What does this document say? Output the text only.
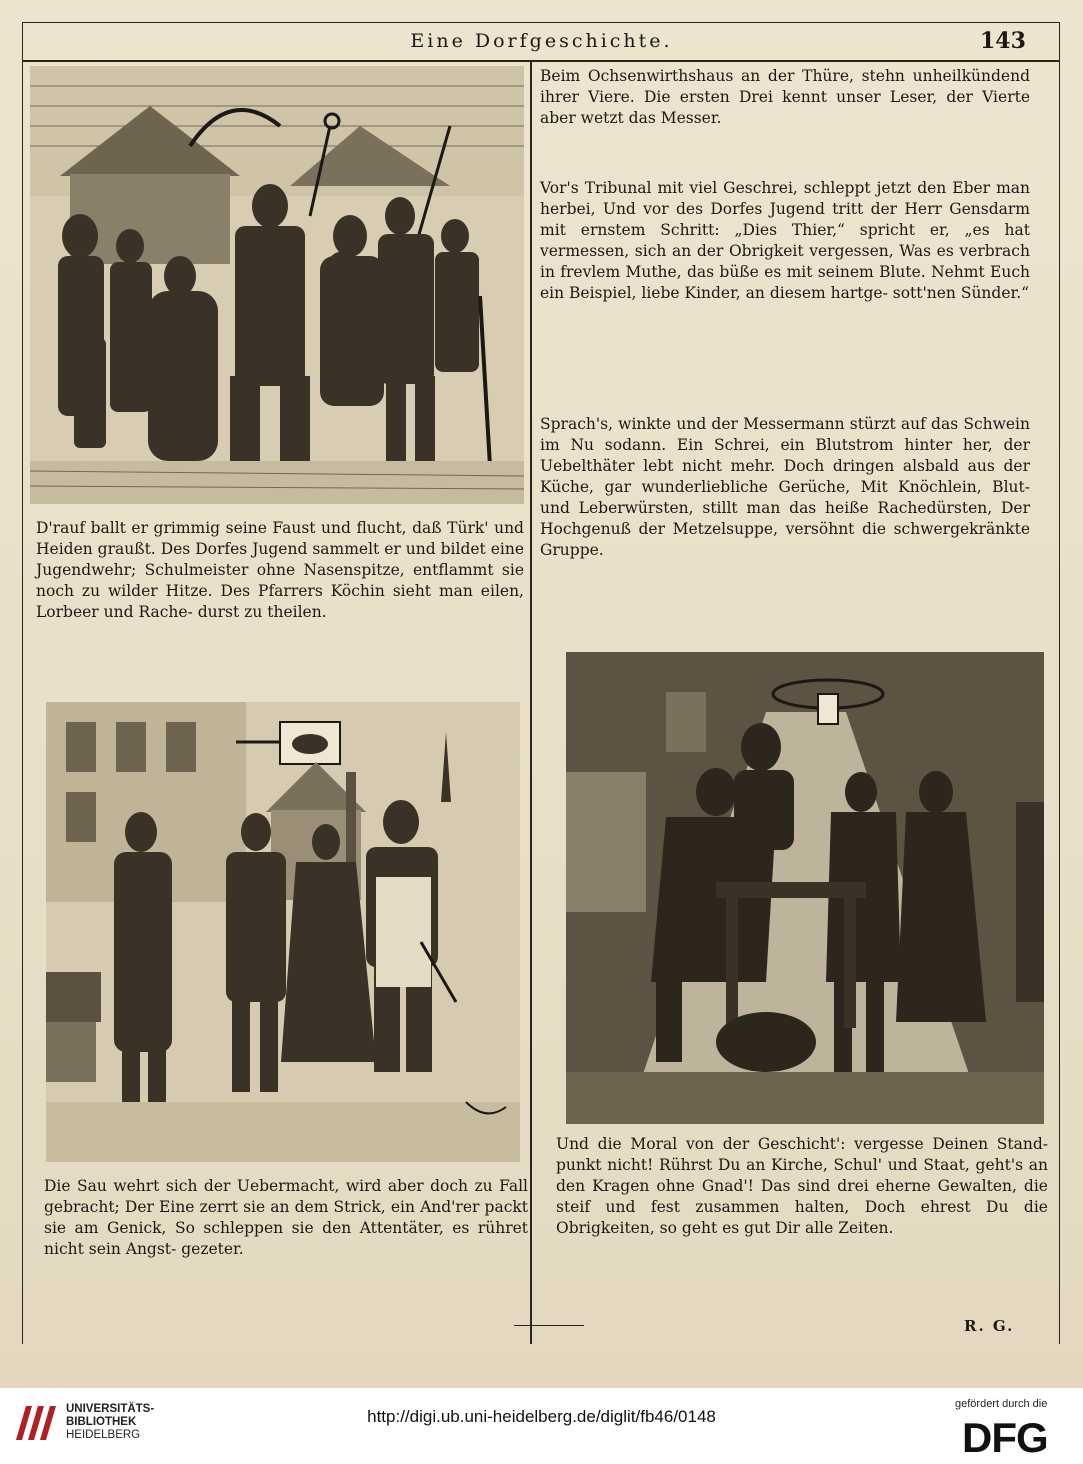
Eine Dorfgeschichte.	143
D'rauf ballt er grimmig seine Faust und flucht, daß Türk' und Heiden graußt. Des Dorfes Jugend sammelt er und bildet eine Jugendwehr; Schulmeister ohne Nasenspitze, entflammt sie noch zu wilder Hitze. Des Pfarrers Köchin sieht man eilen, Lorbeer und Rache- durst zu theilen.
Die Sau wehrt sich der Uebermacht, wird aber doch zu Fall gebracht; Der Eine zerrt sie an dem Strick, ein And'rer packt sie am Genick, So schleppen sie den Attentäter, es rühret nicht sein Angst- gezeter.
Beim Ochsenwirthshaus an der Thüre, stehn unheilkündend ihrer Viere. Die ersten Drei kennt unser Leser, der Vierte aber wetzt das Messer.
Vor's Tribunal mit viel Geschrei, schleppt jetzt den Eber man herbei, Und vor des Dorfes Jugend tritt der Herr Gensdarm mit ernstem Schritt: „Dies Thier,“ spricht er, „es hat vermessen, sich an der Obrigkeit vergessen, Was es verbrach in frevlem Muthe, das büße es mit seinem Blute. Nehmt Euch ein Beispiel, liebe Kinder, an diesem hartge- sott'nen Sünder.“
Sprach's, winkte und der Messermann stürzt auf das Schwein im Nu sodann. Ein Schrei, ein Blutstrom hinter her, der Uebelthäter lebt nicht mehr. Doch dringen alsbald aus der Küche, gar wunderliebliche Gerüche, Mit Knöchlein, Blut- und Leberwürsten, stillt man das heiße Rachedürsten, Der Hochgenuß der Metzelsuppe, versöhnt die schwergekränkte Gruppe.
Und die Moral von der Geschicht': vergesse Deinen Stand- punkt nicht! Rührst Du an Kirche, Schul' und Staat, geht's an den Kragen ohne Gnad'! Das sind drei eherne Gewalten, die steif und fest zusammen halten, Doch ehrest Du die Obrigkeiten, so geht es gut Dir alle Zeiten.
R. G.
UNIVERSITÄTS-
BIBLIOTHEK
HEIDELBERG
http://digi.ub.uni-heidelberg.de/diglit/fb46/0148
gefördert durch die
DFG
